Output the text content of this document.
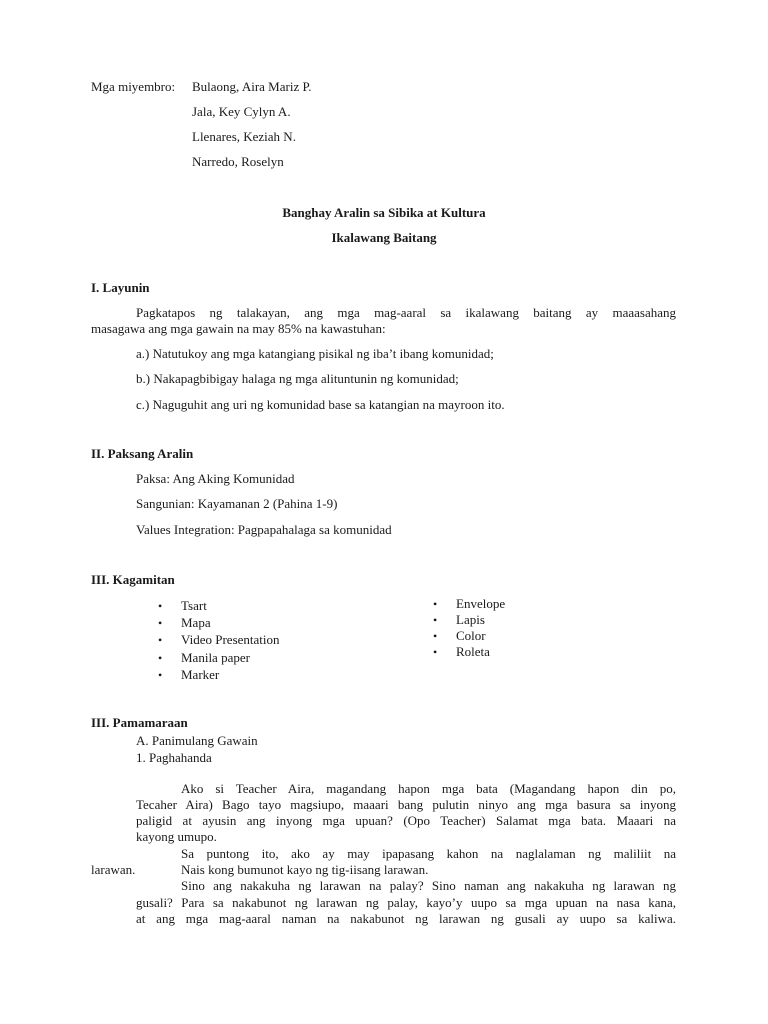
Mga miyembro: Bulaong, Aira Mariz P.
Jala, Key Cylyn A.
Llenares, Keziah N.
Narredo, Roselyn
Banghay Aralin sa Sibika at Kultura
Ikalawang Baitang
I. Layunin
Pagkatapos ng talakayan, ang mga mag-aaral sa ikalawang baitang ay maaasahang
masagawa ang mga gawain na may 85% na kawastuhan:
a.) Natutukoy ang mga katangiang pisikal ng iba’t ibang komunidad;
b.) Nakapagbibigay halaga ng mga alituntunin ng komunidad;
c.) Naguguhit ang uri ng komunidad base sa katangian na mayroon ito.
II. Paksang Aralin
Paksa: Ang Aking Komunidad
Sangunian: Kayamanan 2 (Pahina 1-9)
Values Integration: Pagpapahalaga sa komunidad
III. Kagamitan
• Tsart
• Mapa
• Video Presentation
• Manila paper
• Marker
• Envelope
• Lapis
• Color
• Roleta
III. Pamamaraan
A. Panimulang Gawain
1. Paghahanda
Ako si Teacher Aira, magandang hapon mga bata (Magandang hapon din po,
Tecaher Aira) Bago tayo magsiupo, maaari bang pulutin ninyo ang mga basura sa inyong
paligid at ayusin ang inyong mga upuan? (Opo Teacher) Salamat mga bata. Maaari na
kayong umupo.
Sa puntong ito, ako ay may ipapasang kahon na naglalaman ng maliliit na
larawan.	Nais kong bumunot kayo ng tig-iisang larawan.
Sino ang nakakuha ng larawan na palay? Sino naman ang nakakuha ng larawan ng
gusali? Para sa nakabunot ng larawan ng palay, kayo’y uupo sa mga upuan na nasa kana,
at ang mga mag-aaral naman na nakabunot ng larawan ng gusali ay uupo sa kaliwa.
